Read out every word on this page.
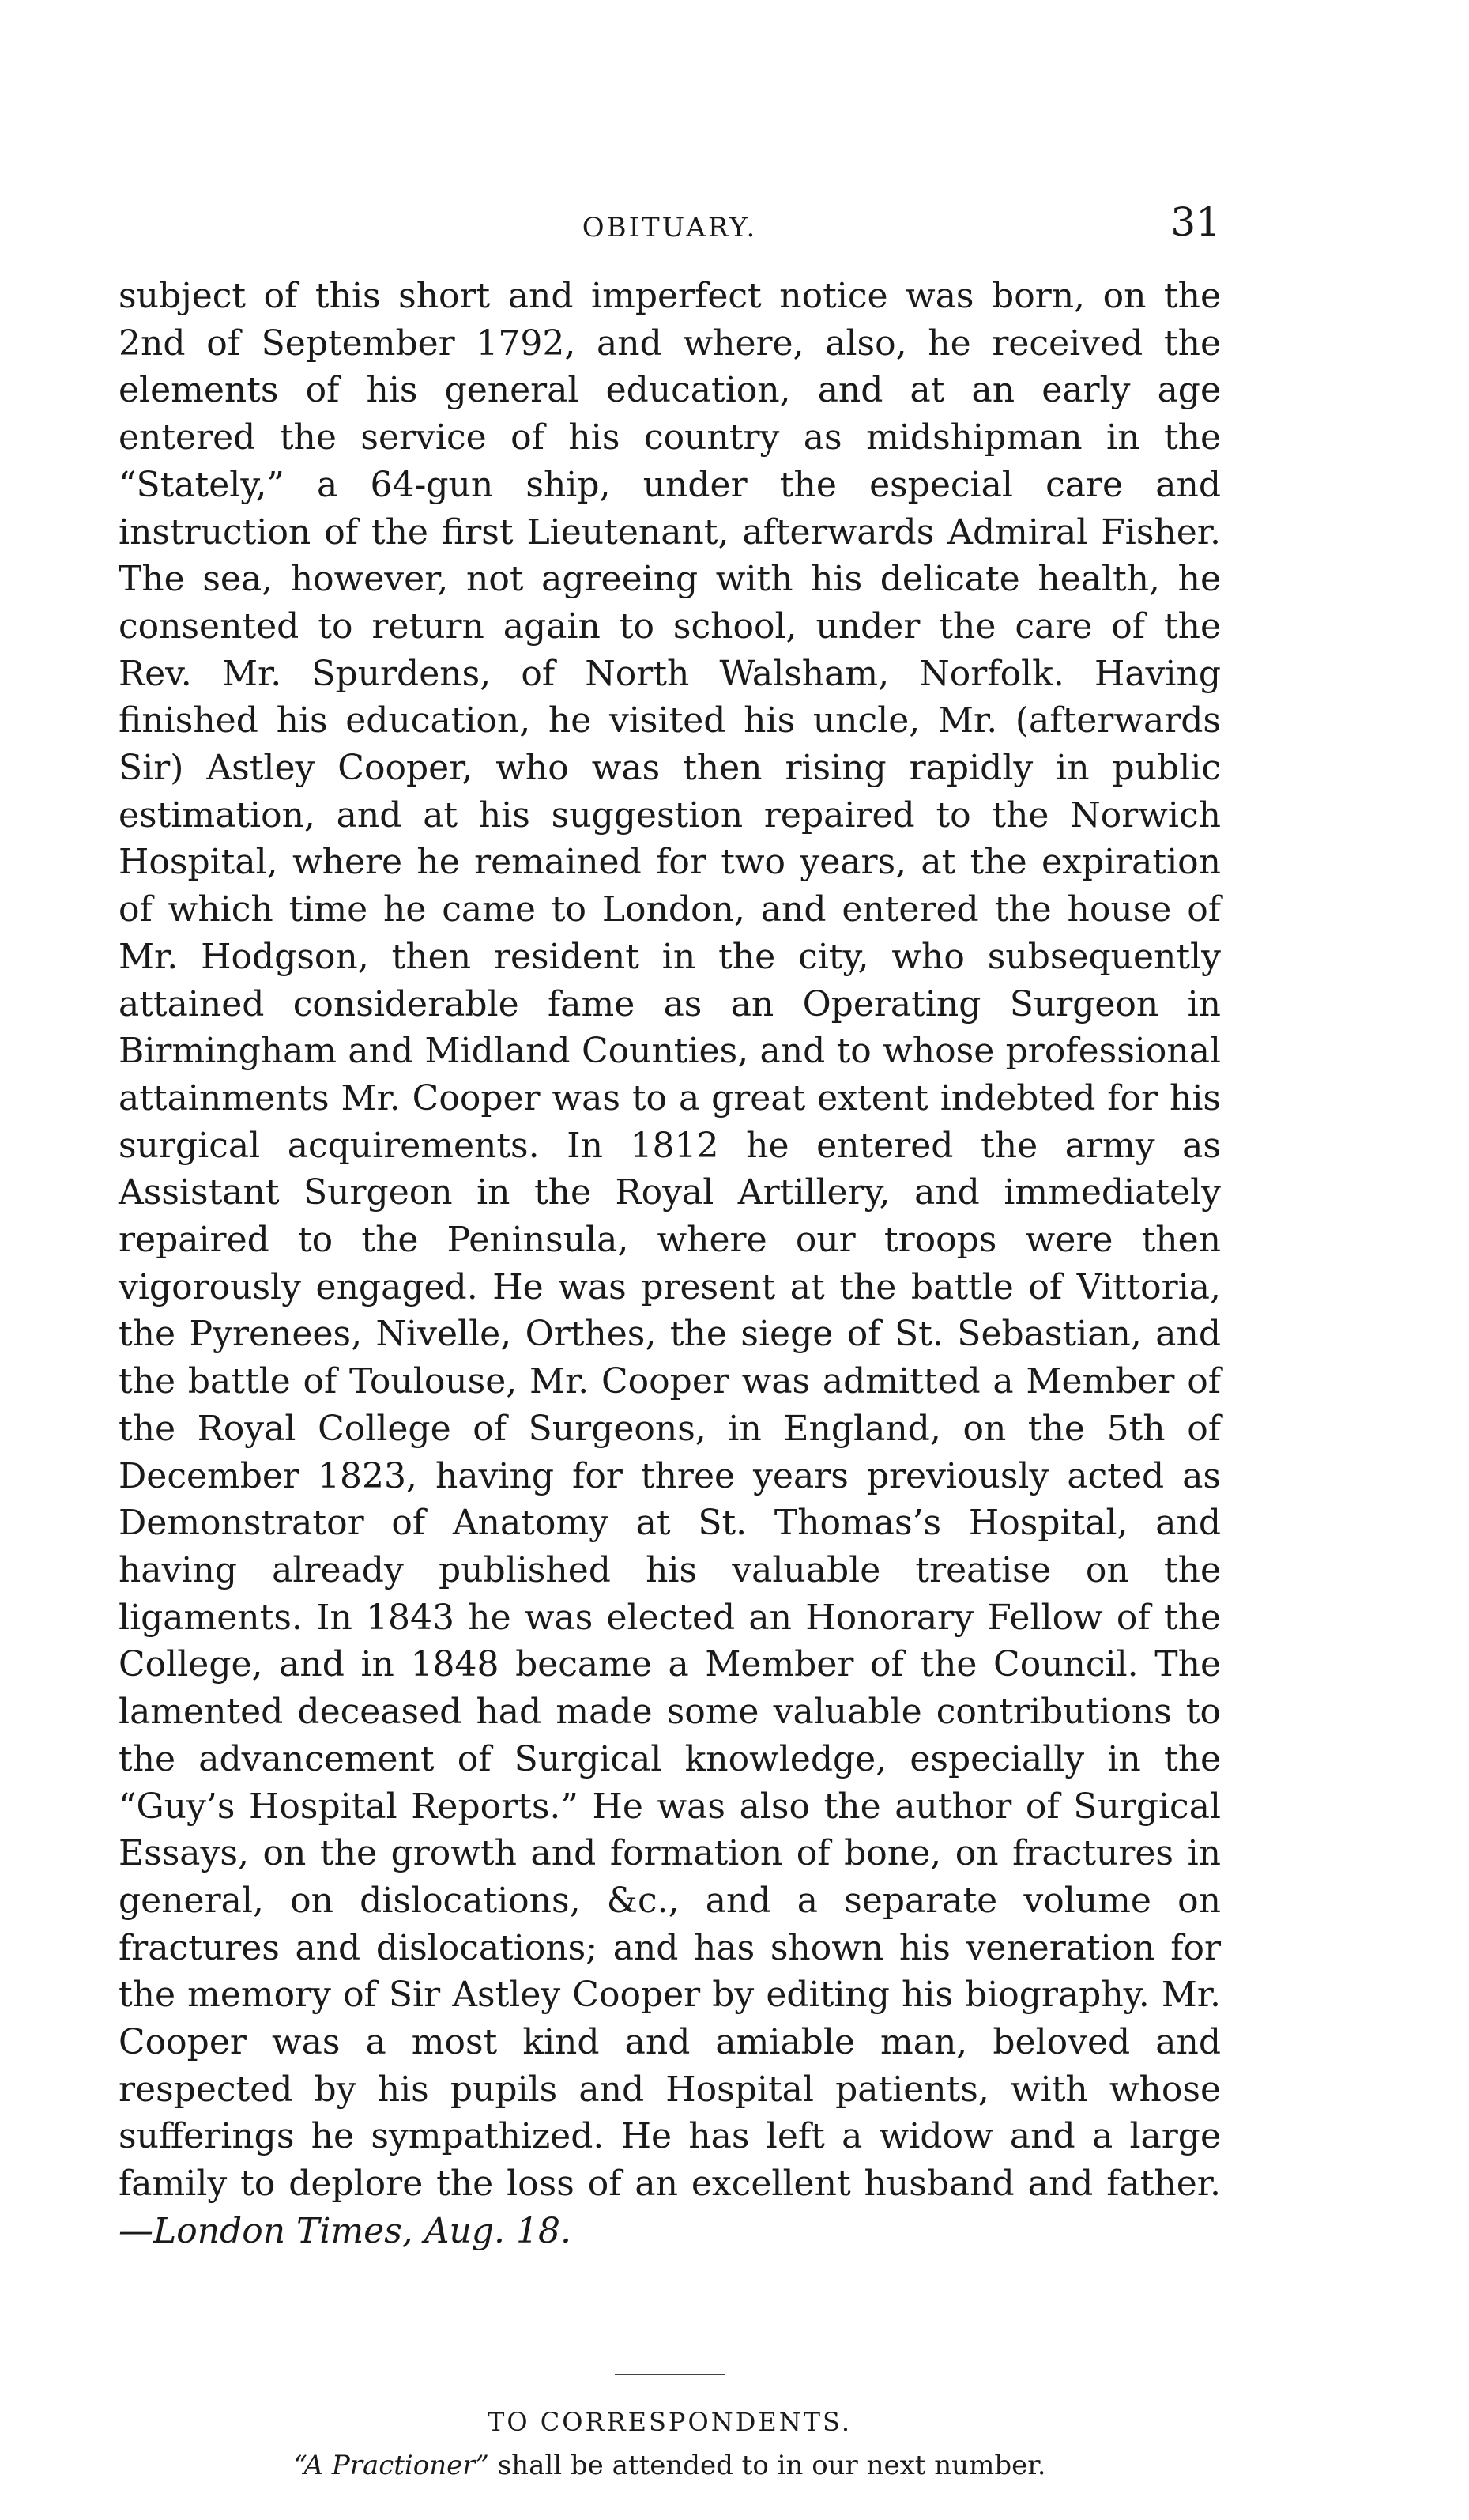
OBITUARY.	31

subject of this short and imperfect notice was born, on the 2nd of September 1792, and where, also, he received the elements of his general education, and at an early age entered the service of his country as midshipman in the “Stately,” a 64-gun ship, under the especial care and instruction of the first Lieutenant, afterwards Admiral Fisher. The sea, however, not agreeing with his delicate health, he consented to return again to school, under the care of the Rev. Mr. Spurdens, of North Walsham, Norfolk. Having finished his education, he visited his uncle, Mr. (afterwards Sir) Astley Cooper, who was then rising rapidly in public estimation, and at his suggestion repaired to the Norwich Hospital, where he remained for two years, at the expiration of which time he came to London, and entered the house of Mr. Hodgson, then resident in the city, who subsequently attained considerable fame as an Operating Surgeon in Birmingham and Midland Counties, and to whose professional attainments Mr. Cooper was to a great extent indebted for his surgical acquirements. In 1812 he entered the army as Assistant Surgeon in the Royal Artillery, and immediately repaired to the Peninsula, where our troops were then vigorously engaged. He was present at the battle of Vittoria, the Pyrenees, Nivelle, Orthes, the siege of St. Sebastian, and the battle of Toulouse, Mr. Cooper was admitted a Member of the Royal College of Surgeons, in England, on the 5th of December 1823, having for three years previously acted as Demonstrator of Anatomy at St. Thomas’s Hospital, and having already published his valuable treatise on the ligaments. In 1843 he was elected an Honorary Fellow of the College, and in 1848 became a Member of the Council. The lamented deceased had made some valuable contributions to the advancement of Surgical knowledge, especially in the “Guy’s Hospital Reports.” He was also the author of Surgical Essays, on the growth and formation of bone, on fractures in general, on dislocations, &c., and a separate volume on fractures and dislocations; and has shown his veneration for the memory of Sir Astley Cooper by editing his biography. Mr. Cooper was a most kind and amiable man, beloved and respected by his pupils and Hospital patients, with whose sufferings he sympathized. He has left a widow and a large family to deplore the loss of an excellent husband and father.—London Times, Aug. 18.

TO CORRESPONDENTS.
“A Practioner” shall be attended to in our next number.
